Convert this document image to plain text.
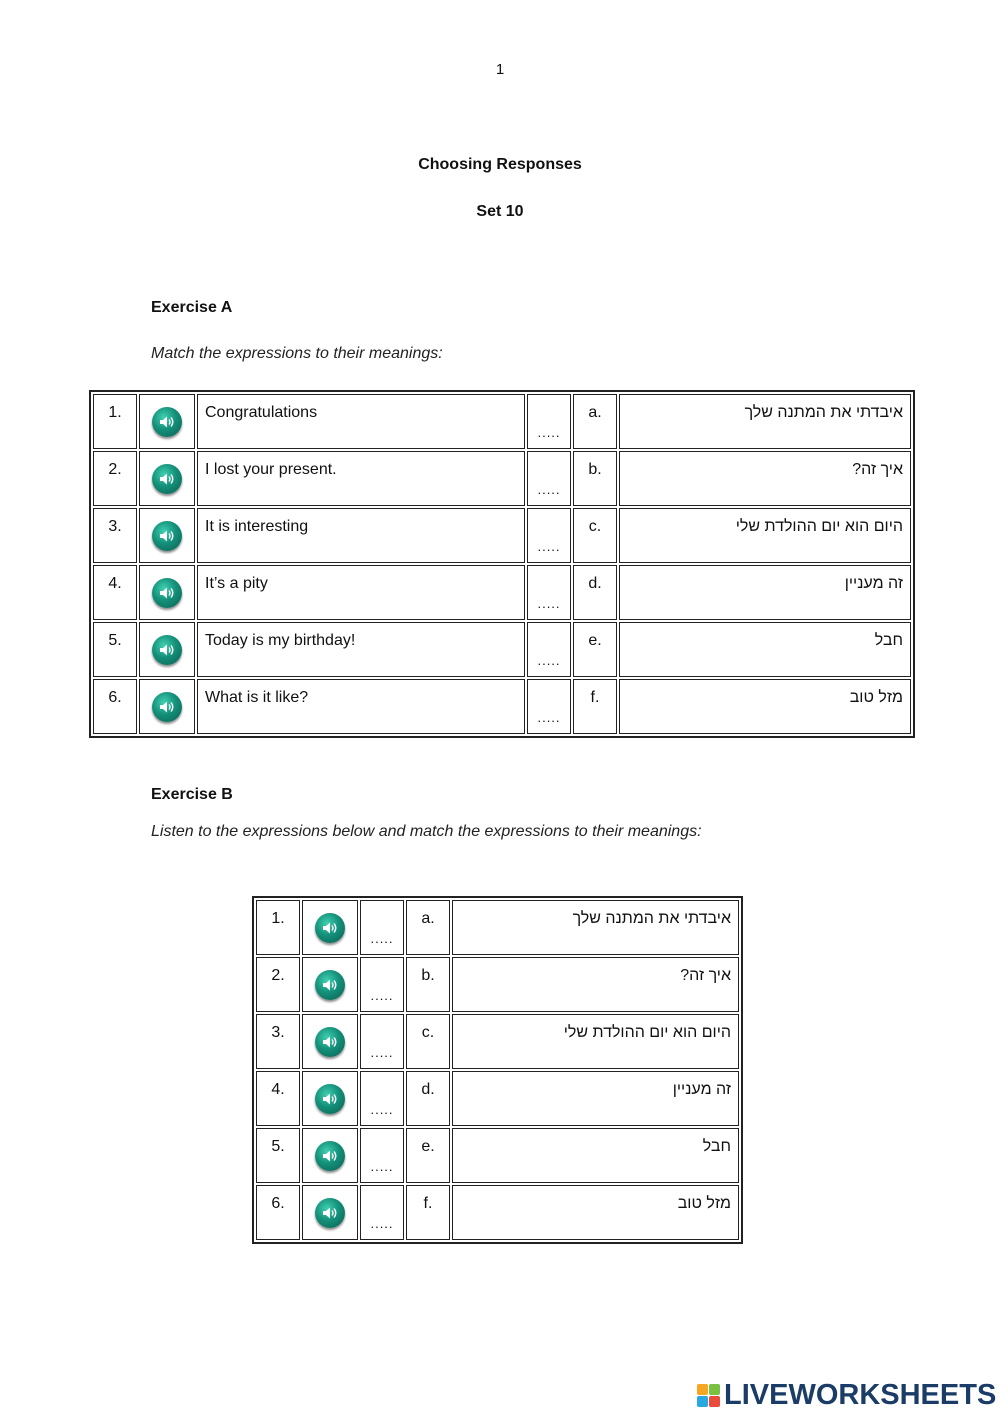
1
Choosing Responses
Set 10
Exercise A
Match the expressions to their meanings:
1.		Congratulations	.....	a.	איבדתי את המתנה שלך
2.		I lost your present.	.....	b.	איך זה?
3.		It is interesting	.....	c.	היום הוא יום ההולדת שלי
4.		It’s a pity	.....	d.	זה מעניין
5.		Today is my birthday!	.....	e.	חבל
6.		What is it like?	.....	f.	מזל טוב
Exercise B
Listen to the expressions below and match the expressions to their meanings:
1.		.....	a.	איבדתי את המתנה שלך
2.		.....	b.	איך זה?
3.		.....	c.	היום הוא יום ההולדת שלי
4.		.....	d.	זה מעניין
5.		.....	e.	חבל
6.		.....	f.	מזל טוב
LIVEWORKSHEETS
